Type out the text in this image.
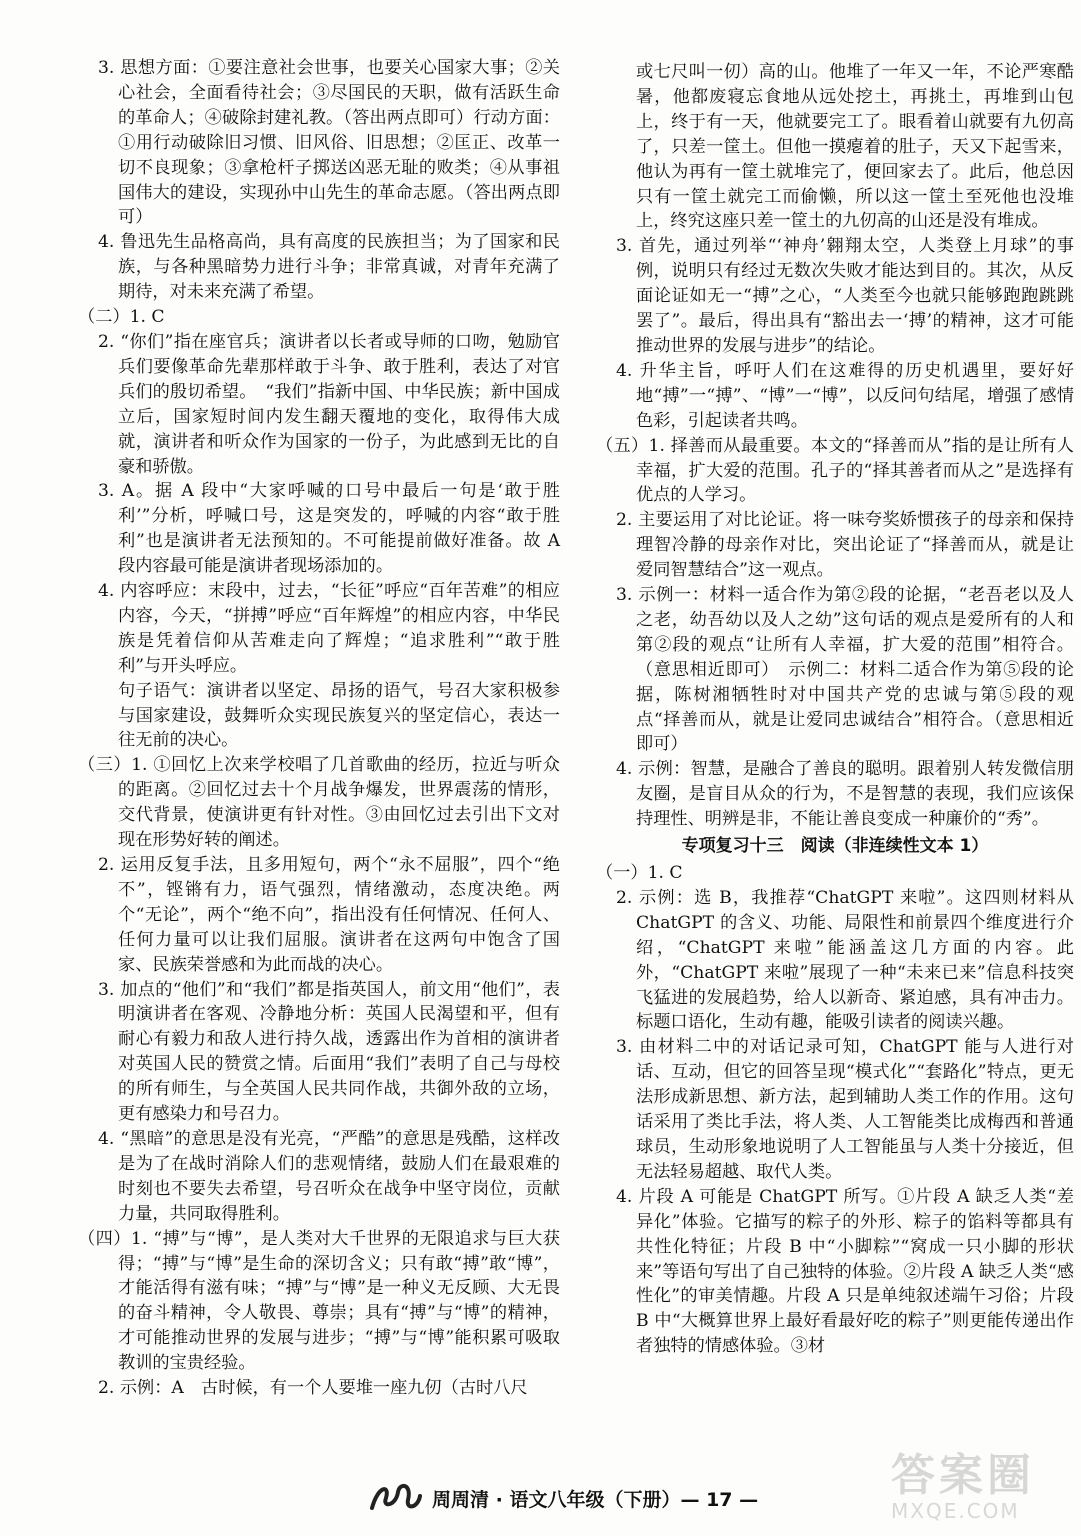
3. 思想方面：①要注意社会世事，也要关心国家大事；②关心社会，全面看待社会；③尽国民的天职，做有活跃生命的革命人；④破除封建礼教。（答出两点即可）行动方面：①用行动破除旧习惯、旧风俗、旧思想；②匡正、改革一切不良现象；③拿枪杆子掷送凶恶无耻的败类；④从事祖国伟大的建设，实现孙中山先生的革命志愿。（答出两点即可）
4. 鲁迅先生品格高尚，具有高度的民族担当；为了国家和民族，与各种黑暗势力进行斗争；非常真诚，对青年充满了期待，对未来充满了希望。
（二）1. C
2. “你们”指在座官兵；演讲者以长者或导师的口吻，勉励官兵们要像革命先辈那样敢于斗争、敢于胜利，表达了对官兵们的殷切希望。　“我们”指新中国、中华民族；新中国成立后，国家短时间内发生翻天覆地的变化，取得伟大成就，演讲者和听众作为国家的一份子，为此感到无比的自豪和骄傲。
3. A。据 A 段中“大家呼喊的口号中最后一句是‘敢于胜利’”分析，呼喊口号，这是突发的，呼喊的内容“敢于胜利”也是演讲者无法预知的。不可能提前做好准备。故 A 段内容最可能是演讲者现场添加的。
4. 内容呼应：末段中，过去，“长征”呼应“百年苦难”的相应内容，今天，“拼搏”呼应“百年辉煌”的相应内容，中华民族是凭着信仰从苦难走向了辉煌；“追求胜利”“敢于胜利”与开头呼应。
句子语气：演讲者以坚定、昂扬的语气，号召大家积极参与国家建设，鼓舞听众实现民族复兴的坚定信心，表达一往无前的决心。
（三）1. ①回忆上次来学校唱了几首歌曲的经历，拉近与听众的距离。②回忆过去十个月战争爆发，世界震荡的情形，交代背景，使演讲更有针对性。③由回忆过去引出下文对现在形势好转的阐述。
2. 运用反复手法，且多用短句，两个“永不屈服”，四个“绝不”，铿锵有力，语气强烈，情绪激动，态度决绝。两个“无论”，两个“绝不向”，指出没有任何情况、任何人、任何力量可以让我们屈服。演讲者在这两句中饱含了国家、民族荣誉感和为此而战的决心。
3. 加点的“他们”和“我们”都是指英国人，前文用“他们”，表明演讲者在客观、冷静地分析：英国人民渴望和平，但有耐心有毅力和敌人进行持久战，透露出作为首相的演讲者对英国人民的赞赏之情。后面用“我们”表明了自己与母校的所有师生，与全英国人民共同作战，共御外敌的立场，更有感染力和号召力。
4. “黑暗”的意思是没有光亮，“严酷”的意思是残酷，这样改是为了在战时消除人们的悲观情绪，鼓励人们在最艰难的时刻也不要失去希望，号召听众在战争中坚守岗位，贡献力量，共同取得胜利。
（四）1. “搏”与“博”，是人类对大千世界的无限追求与巨大获得；“搏”与“博”是生命的深切含义；只有敢“搏”敢“博”，才能活得有滋有味；“搏”与“博”是一种义无反顾、大无畏的奋斗精神，令人敬畏、尊崇；具有“搏”与“博”的精神，才可能推动世界的发展与进步；“搏”与“博”能积累可吸取教训的宝贵经验。
2. 示例：A　古时候，有一个人要堆一座九仞（古时八尺
或七尺叫一仞）高的山。他堆了一年又一年，不论严寒酷暑，他都废寝忘食地从远处挖土，再挑土，再堆到山包上，终于有一天，他就要完工了。眼看着山就要有九仞高了，只差一筐土。但他一摸瘪着的肚子，天又下起雪来，他认为再有一筐土就堆完了，便回家去了。此后，他总因只有一筐土就完工而偷懒，所以这一筐土至死他也没堆上，终究这座只差一筐土的九仞高的山还是没有堆成。
3. 首先，通过列举“‘神舟’翱翔太空，人类登上月球”的事例，说明只有经过无数次失败才能达到目的。其次，从反面论证如无一“搏”之心，“人类至今也就只能够跑跑跳跳罢了”。最后，得出具有“豁出去一‘搏’的精神，这才可能推动世界的发展与进步”的结论。
4. 升华主旨，呼吁人们在这难得的历史机遇里，要好好地“搏”一“搏”、“博”一“博”，以反问句结尾，增强了感情色彩，引起读者共鸣。
（五）1. 择善而从最重要。本文的“择善而从”指的是让所有人幸福，扩大爱的范围。孔子的“择其善者而从之”是选择有优点的人学习。
2. 主要运用了对比论证。将一味夸奖娇惯孩子的母亲和保持理智冷静的母亲作对比，突出论证了“择善而从，就是让爱同智慧结合”这一观点。
3. 示例一：材料一适合作为第②段的论据，“老吾老以及人之老，幼吾幼以及人之幼”这句话的观点是爱所有的人和第②段的观点“让所有人幸福，扩大爱的范围”相符合。（意思相近即可）　示例二：材料二适合作为第⑤段的论据，陈树湘牺牲时对中国共产党的忠诚与第⑤段的观点“择善而从，就是让爱同忠诚结合”相符合。（意思相近即可）
4. 示例：智慧，是融合了善良的聪明。跟着别人转发微信朋友圈，是盲目从众的行为，不是智慧的表现，我们应该保持理性、明辨是非，不能让善良变成一种廉价的“秀”。
专项复习十三　阅读（非连续性文本 1）
（一）1. C
2. 示例：选 B，我推荐“ChatGPT 来啦”。这四则材料从 ChatGPT 的含义、功能、局限性和前景四个维度进行介绍，“ChatGPT 来啦”能涵盖这几方面的内容。此外，“ChatGPT 来啦”展现了一种“未来已来”信息科技突飞猛进的发展趋势，给人以新奇、紧迫感，具有冲击力。标题口语化，生动有趣，能吸引读者的阅读兴趣。
3. 由材料二中的对话记录可知，ChatGPT 能与人进行对话、互动，但它的回答呈现“模式化”“套路化”特点，更无法形成新思想、新方法，起到辅助人类工作的作用。这句话采用了类比手法，将人类、人工智能类比成梅西和普通球员，生动形象地说明了人工智能虽与人类十分接近，但无法轻易超越、取代人类。
4. 片段 A 可能是 ChatGPT 所写。①片段 A 缺乏人类“差异化”体验。它描写的粽子的外形、粽子的馅料等都具有共性化特征；片段 B 中“小脚粽”“窝成一只小脚的形状来”等语句写出了自己独特的体验。②片段 A 缺乏人类“感性化”的审美情趣。片段 A 只是单纯叙述端午习俗；片段 B 中“大概算世界上最好看最好吃的粽子”则更能传递出作者独特的情感体验。③材
周周清 · 语文八年级（下册）— 17 —	答案圈
MXQE.COM
